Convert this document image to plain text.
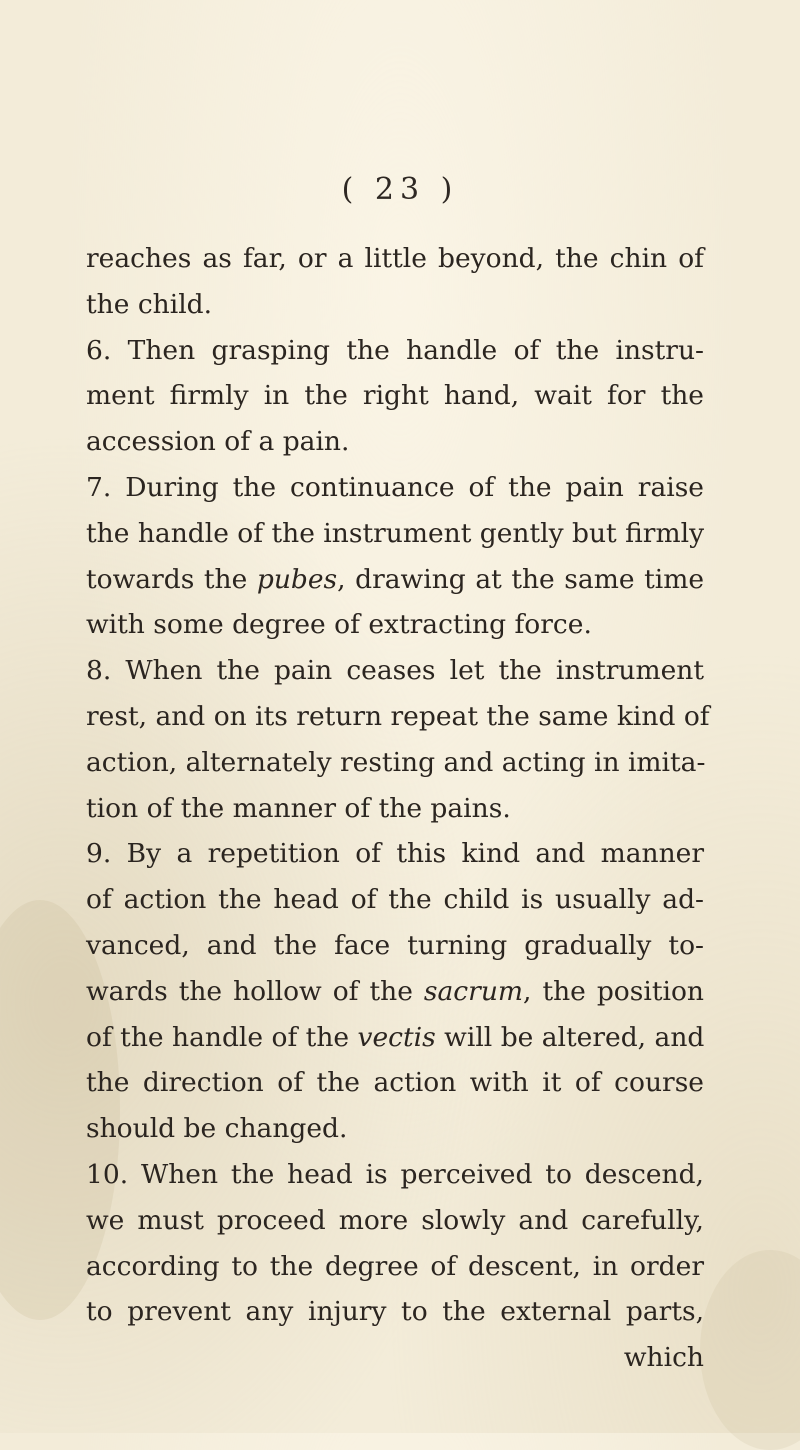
( 23 )
reaches as far, or a little beyond, the chin of
the child.
6. Then grasping the handle of the instru-
ment firmly in the right hand, wait for the
accession of a pain.
7. During the continuance of the pain raise
the handle of the instrument gently but firmly
towards the pubes, drawing at the same time
with some degree of extracting force.
8. When the pain ceases let the instrument
rest, and on its return repeat the same kind of
action, alternately resting and acting in imita-
tion of the manner of the pains.
9. By a repetition of this kind and manner
of action the head of the child is usually ad-
vanced, and the face turning gradually to-
wards the hollow of the sacrum, the position
of the handle of the vectis will be altered, and
the direction of the action with it of course
should be changed.
10. When the head is perceived to descend,
we must proceed more slowly and carefully,
according to the degree of descent, in order
to prevent any injury to the external parts,
which
